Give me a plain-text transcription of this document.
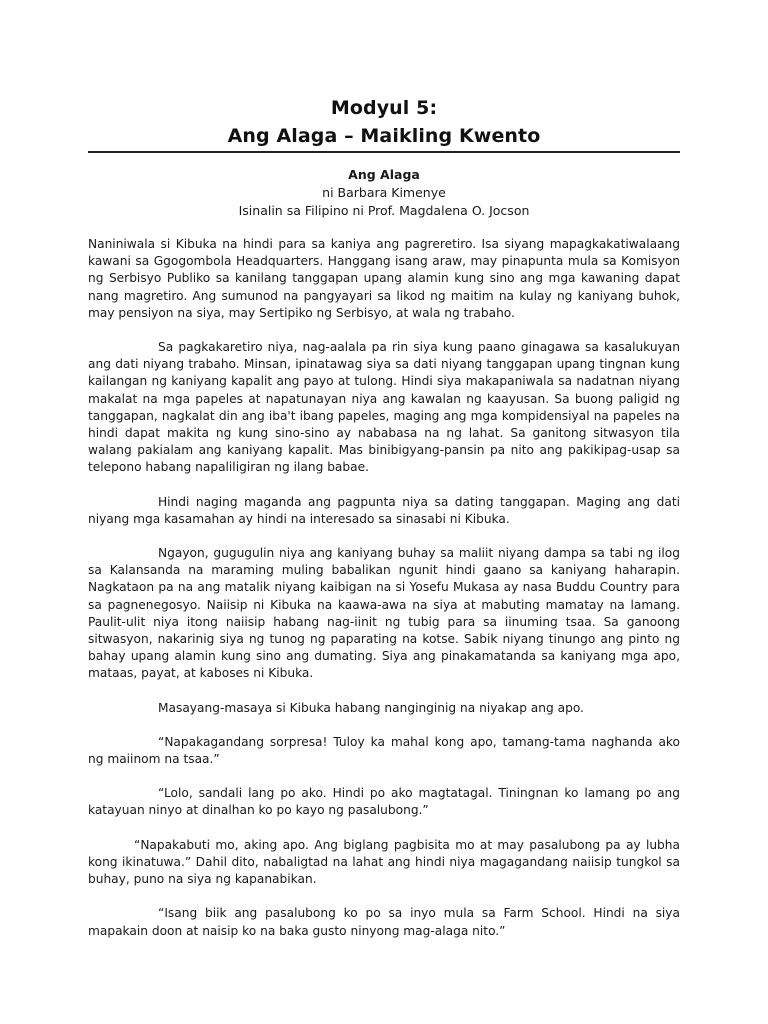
Modyul 5:
Ang Alaga – Maikling Kwento

Ang Alaga

ni Barbara Kimenye

Isinalin sa Filipino ni Prof. Magdalena O. Jocson

Naniniwala si Kibuka na hindi para sa kaniya ang pagreretiro. Isa siyang mapagkakatiwalaang kawani sa Ggogombola Headquarters. Hanggang isang araw, may pinapunta mula sa Komisyon ng Serbisyo Publiko sa kanilang tanggapan upang alamin kung sino ang mga kawaning dapat nang magretiro. Ang sumunod na pangyayari sa likod ng maitim na kulay ng kaniyang buhok, may pensiyon na siya, may Sertipiko ng Serbisyo, at wala ng trabaho.

Sa pagkakaretiro niya, nag-aalala pa rin siya kung paano ginagawa sa kasalukuyan ang dati niyang trabaho. Minsan, ipinatawag siya sa dati niyang tanggapan upang tingnan kung kailangan ng kaniyang kapalit ang payo at tulong. Hindi siya makapaniwala sa nadatnan niyang makalat na mga papeles at napatunayan niya ang kawalan ng kaayusan. Sa buong paligid ng tanggapan, nagkalat din ang iba't ibang papeles, maging ang mga kompidensiyal na papeles na hindi dapat makita ng kung sino-sino ay nababasa na ng lahat. Sa ganitong sitwasyon tila walang pakialam ang kaniyang kapalit. Mas binibigyang-pansin pa nito ang pakikipag-usap sa telepono habang napaliligiran ng ilang babae.

Hindi naging maganda ang pagpunta niya sa dating tanggapan. Maging ang dati niyang mga kasamahan ay hindi na interesado sa sinasabi ni Kibuka.

Ngayon, gugugulin niya ang kaniyang buhay sa maliit niyang dampa sa tabi ng ilog sa Kalansanda na maraming muling babalikan ngunit hindi gaano sa kaniyang haharapin. Nagkataon pa na ang matalik niyang kaibigan na si Yosefu Mukasa ay nasa Buddu Country para sa pagnenegosyo. Naiisip ni Kibuka na kaawa-awa na siya at mabuting mamatay na lamang. Paulit-ulit niya itong naiisip habang nag-iinit ng tubig para sa iinuming tsaa. Sa ganoong sitwasyon, nakarinig siya ng tunog ng paparating na kotse. Sabik niyang tinungo ang pinto ng bahay upang alamin kung sino ang dumating. Siya ang pinakamatanda sa kaniyang mga apo, mataas, payat, at kaboses ni Kibuka.

Masayang-masaya si Kibuka habang nanginginig na niyakap ang apo.

“Napakagandang sorpresa! Tuloy ka mahal kong apo, tamang-tama naghanda ako ng maiinom na tsaa.”

“Lolo, sandali lang po ako. Hindi po ako magtatagal. Tiningnan ko lamang po ang katayuan ninyo at dinalhan ko po kayo ng pasalubong.”

“Napakabuti mo, aking apo. Ang biglang pagbisita mo at may pasalubong pa ay lubha kong ikinatuwa.” Dahil dito, nabaligtad na lahat ang hindi niya magagandang naiisip tungkol sa buhay, puno na siya ng kapanabikan.

“Isang biik ang pasalubong ko po sa inyo mula sa Farm School. Hindi na siya mapakain doon at naisip ko na baka gusto ninyong mag-alaga nito.”
